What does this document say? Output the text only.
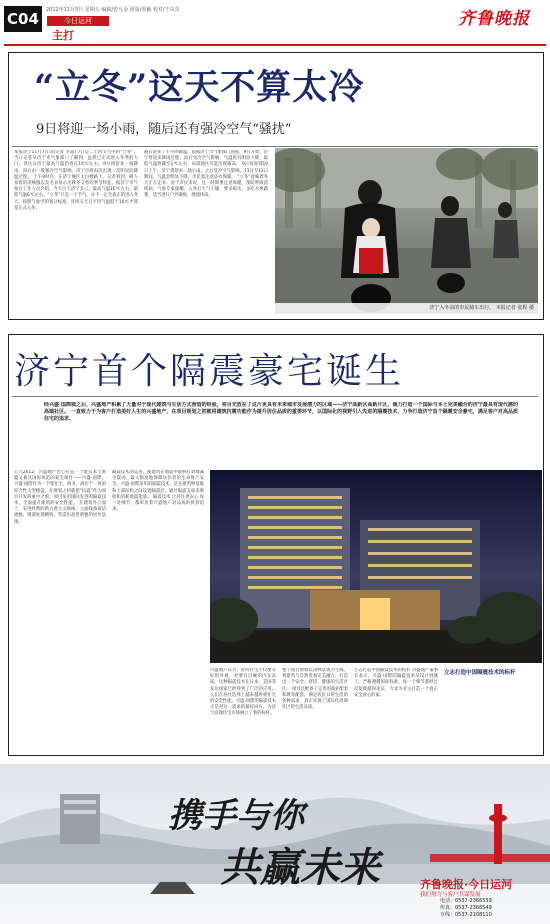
C04	2012年11月5日 星期五 编辑/曾凡金 组版/张颖 校对/王东东
今日运河
主打
齐鲁晚报
“立冬”这天不算太冷
9日将迎一场小雨，随后还有强冷空气“骚扰”
本报济宁11月7日讯(记者 李超) 7日是二十四节气中的“立冬”。当日记者从济宁市气象部门了解到，虽然已正式进入冬季的大门，但这日济宁最高气温仍将在14℃左右。9日将迎来一场降雨，而后由一股强冷空气影响，济宁市将再次出现一次明显的降温过程。 上午9时许，在济宁城区太白楼路上，记者看到，路人身着的羽绒服以及毛衣显示出秋冬交替的季节特征。据济宁市气象台工作人员介绍，今天白天济宁多云，最高气温16℃左右，最低气温6℃左右。“立冬”只是一个节气，并不一定会真正的进入冬天。按照气象学的划分标准，连续五天日平均气温低于10℃才算是正式入冬。
随后迎来了不小的降温，依据济宁市气象部门预报，9日开始，济宁将迎来降雨过程，雨后受冷空气影响，气温将有明显下降，最低气温将降至1℃左右，局部地区可能出现霜冻。 9日夜间到10日上午，济宁将迎来一场小雨，之后受冷空气影响，11日至12日期间，气温会明显下降，市民需注意添衣保暖。 “立冬”意味着冬天正在走来。对于市民来说，这一时期要注意保暖，预防呼吸道疾病。气象专家提醒，入冬后天气干燥，要多喝水，多吃水果蔬菜，适当进行户外锻炼，增强体质。
济宁入冬前的市民骑车出行。 本报记者 张程 摄
济宁首个隔震豪宅诞生
经兴盛·国際城之后，兴盛地产积累了大量对于现代建筑与生活方式营造的经验，将目光放在了这片更具有未来城市发展潜力的区域——济宁高新区高新片区，倾力打造一个国际与本土完美融合的济宁最具有现代感的高端社区。 一直致力于为客户打造美好人生的兴盛地产，在项目规划之初就将建筑抗震功能作为提升居住品质的重要环节，以国际化的视野引入先进的隔震技术，力争打造济宁首个隔震安全豪宅，满足客户对高品质住宅的追求。
公元2012，兴盛地产匠心打造一个既有本土底蕴又兼具国际风范的豪宅项目——兴盛·国際。 兴盛·国際作为一个集住宅、商业、酒店于一体的综合性大型楼盘，在规划之初就把“抗震”作为项目开发的重中之重。项目采用国际先进的隔震技术，全面提升建筑的安全性能。 在建筑外立面上，采用经典的新古典主义风格，立面线条简洁流畅，细部处理精致，营造出高贵典雅的居住氛围。
隔震技术的运用，使建筑在地震中能够有效地减少震动，最大限度地保障居住者的生命财产安全。兴盛·国際采用的隔震技术，是在建筑物基础和上部结构之间设置隔震层，通过隔震支座来吸收和消耗地震能量。 隔震技术 让居住更安心 每一处细节，都彰显着兴盛地产对品质的执着追求。
兴盛地产认为，好的住宅不仅要有好的外观，更要有过硬的内在品质。这种隔震技术在日本、美国等发达国家已经得到了广泛的应用。 人们在居住选择上越来越看重住宅的安全性能，兴盛·国際的隔震技术正是对这一需求的最好回应，为济宁高端住宅市场树立了新的标杆。
整个项目规划以园林景观为主线，将建筑与自然景观完美融合，打造出一个安全、舒适、健康的生活社区。 项目还配备了完善的商业配套和教育配套，满足居民日常生活的各种需求，真正实现了国际化高端社区的生活品质。
立志打造中国隔震技术的标杆 兴盛地产董事长表示，兴盛·国際的隔震技术从设计到施工，严格遵循国际标准，每一个细节都经过反复推敲和论证，力求为业主打造一个真正安全放心的家。
立志打造中国隔震技术的标杆
携手与你
共赢未来	齐鲁晚报·今日运河
我们努力与客户共谋发展
电话：0537-2366539
传真：0537-2366549
专线：0537-2108110
